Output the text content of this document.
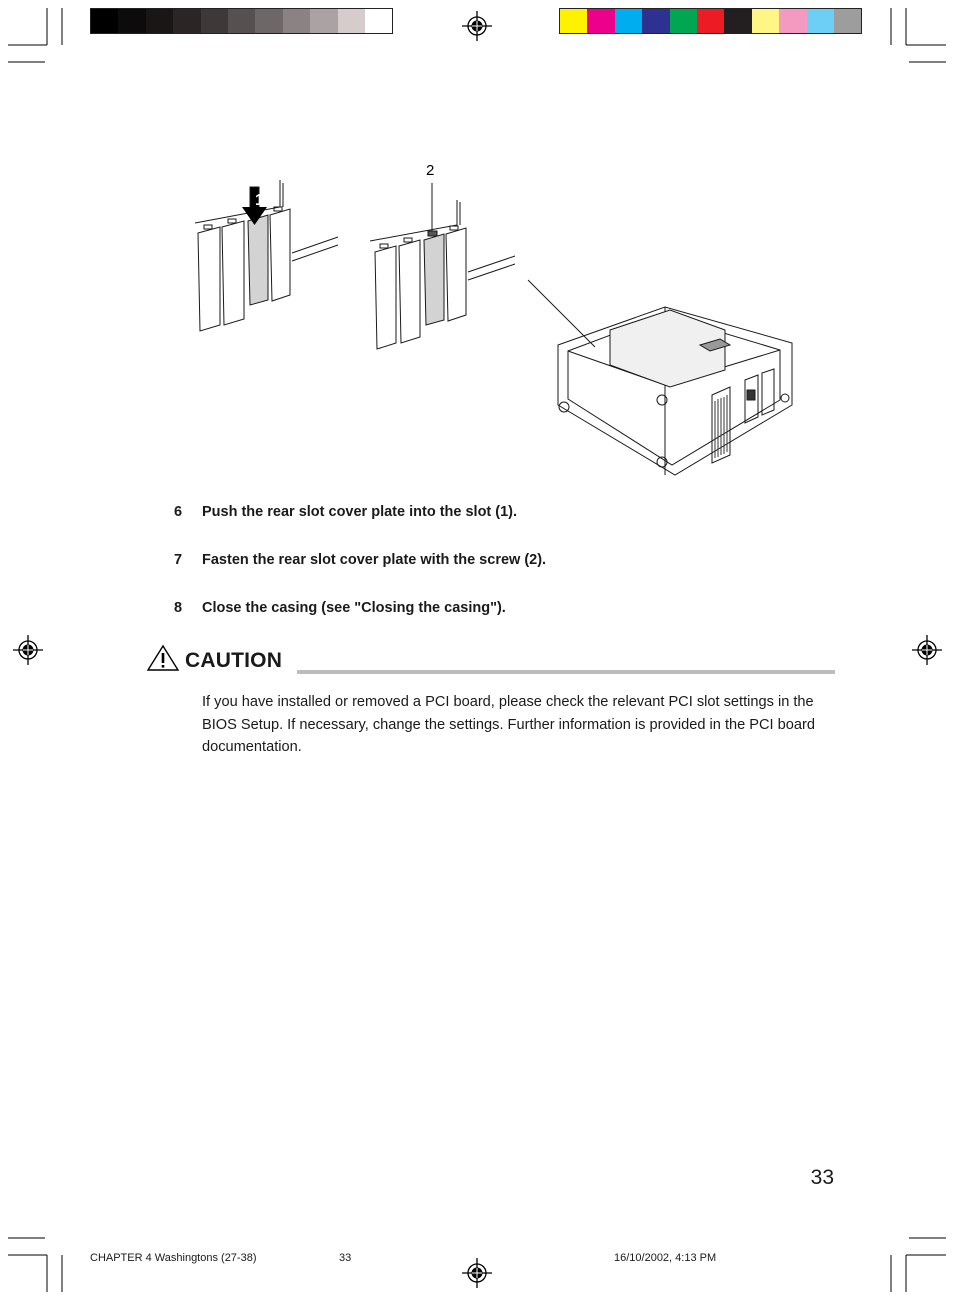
1
2
6 Push the rear slot cover plate into the slot (1).
7 Fasten the rear slot cover plate with the screw (2).
8 Close the casing (see "Closing the casing").
CAUTION
If you have installed or removed a PCI board, please check the relevant PCI slot settings in the BIOS Setup. If necessary, change the settings. Further information is provided in the PCI board documentation.
33
CHAPTER 4 Washingtons (27-38)	33	16/10/2002, 4:13 PM
